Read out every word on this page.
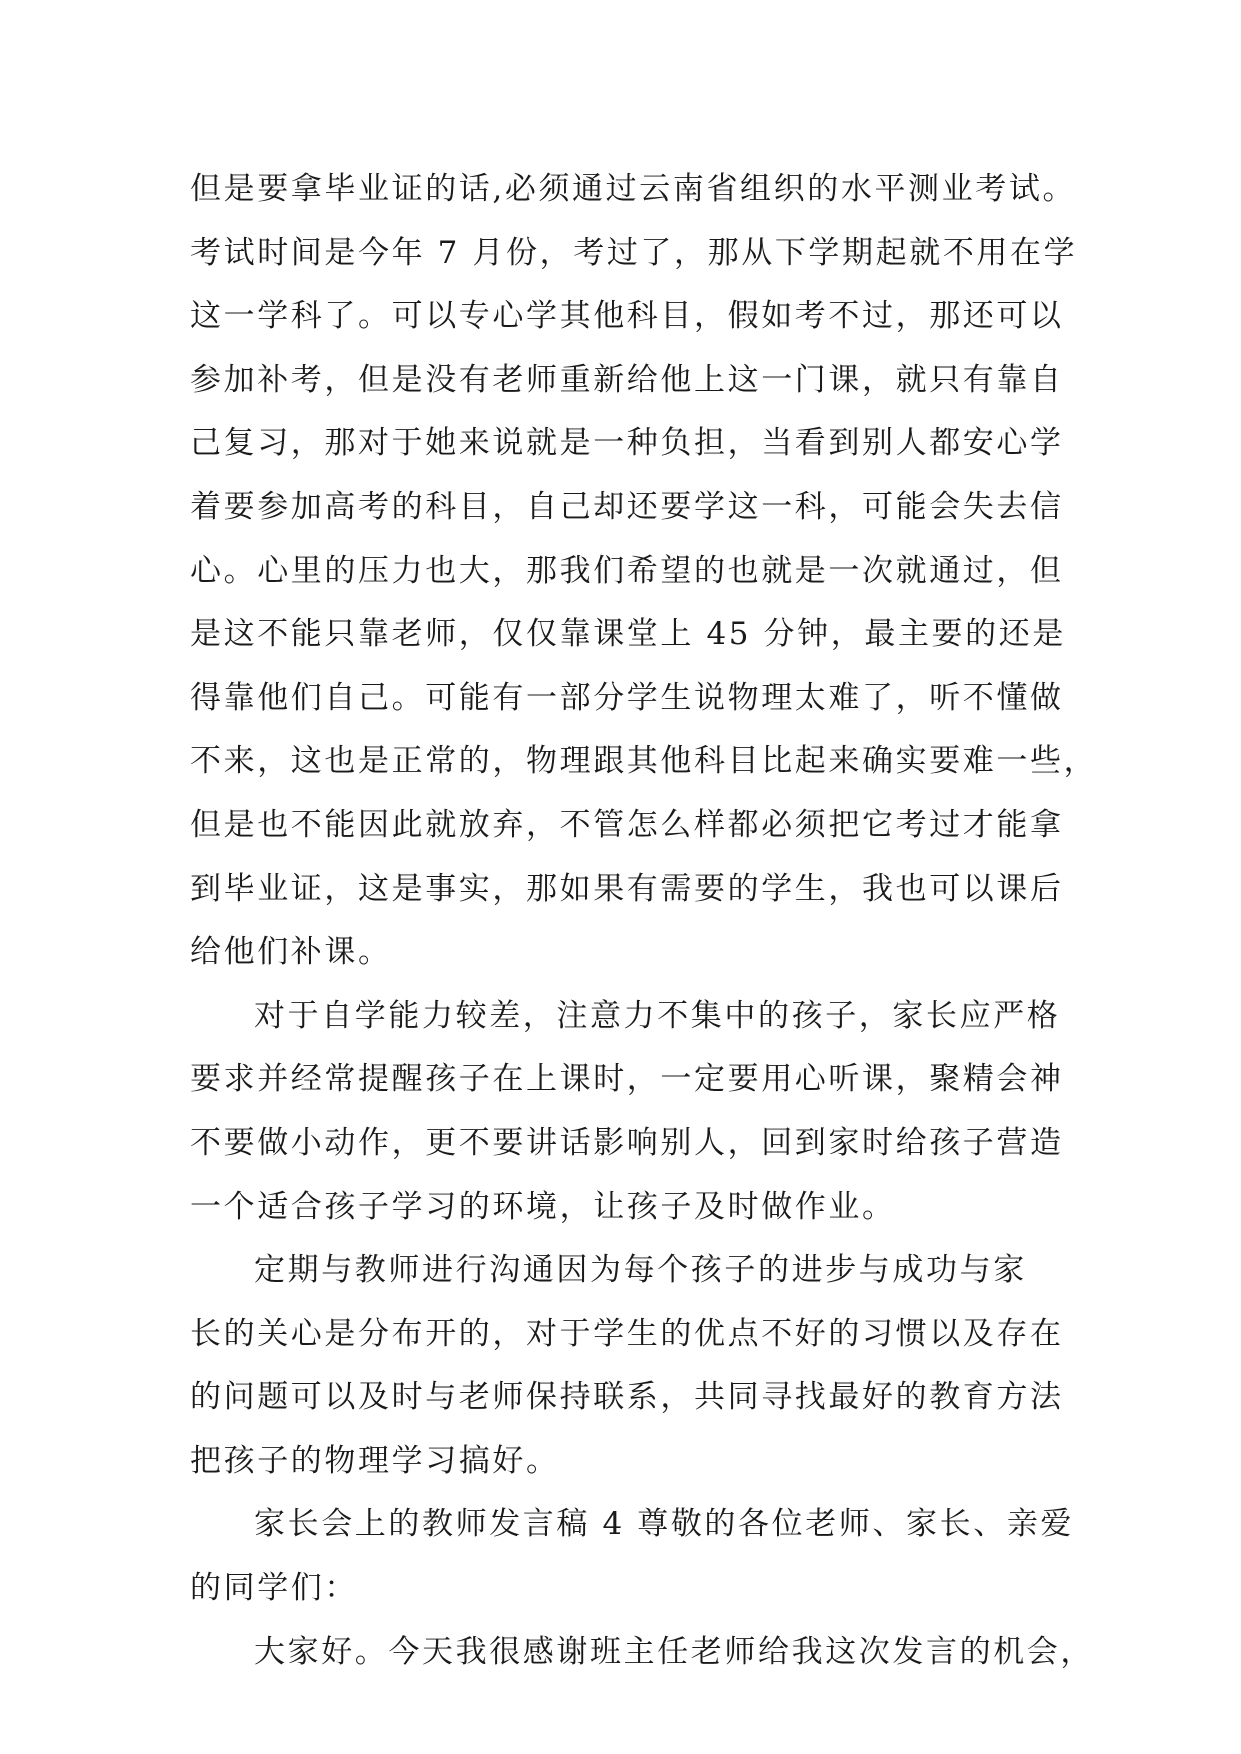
但是要拿毕业证的话,必须通过云南省组织的水平测业考试。
考试时间是今年 7 月份，考过了，那从下学期起就不用在学
这一学科了。可以专心学其他科目，假如考不过，那还可以
参加补考，但是没有老师重新给他上这一门课，就只有靠自
己复习，那对于她来说就是一种负担，当看到别人都安心学
着要参加高考的科目，自己却还要学这一科，可能会失去信
心。心里的压力也大，那我们希望的也就是一次就通过，但
是这不能只靠老师，仅仅靠课堂上 45 分钟，最主要的还是
得靠他们自己。可能有一部分学生说物理太难了，听不懂做
不来，这也是正常的，物理跟其他科目比起来确实要难一些，
但是也不能因此就放弃，不管怎么样都必须把它考过才能拿
到毕业证，这是事实，那如果有需要的学生，我也可以课后
给他们补课。
对于自学能力较差，注意力不集中的孩子，家长应严格
要求并经常提醒孩子在上课时，一定要用心听课，聚精会神
不要做小动作，更不要讲话影响别人，回到家时给孩子营造
一个适合孩子学习的环境，让孩子及时做作业。
定期与教师进行沟通因为每个孩子的进步与成功与家
长的关心是分布开的，对于学生的优点不好的习惯以及存在
的问题可以及时与老师保持联系，共同寻找最好的教育方法
把孩子的物理学习搞好。
家长会上的教师发言稿 4 尊敬的各位老师、家长、亲爱
的同学们：
大家好。今天我很感谢班主任老师给我这次发言的机会，
